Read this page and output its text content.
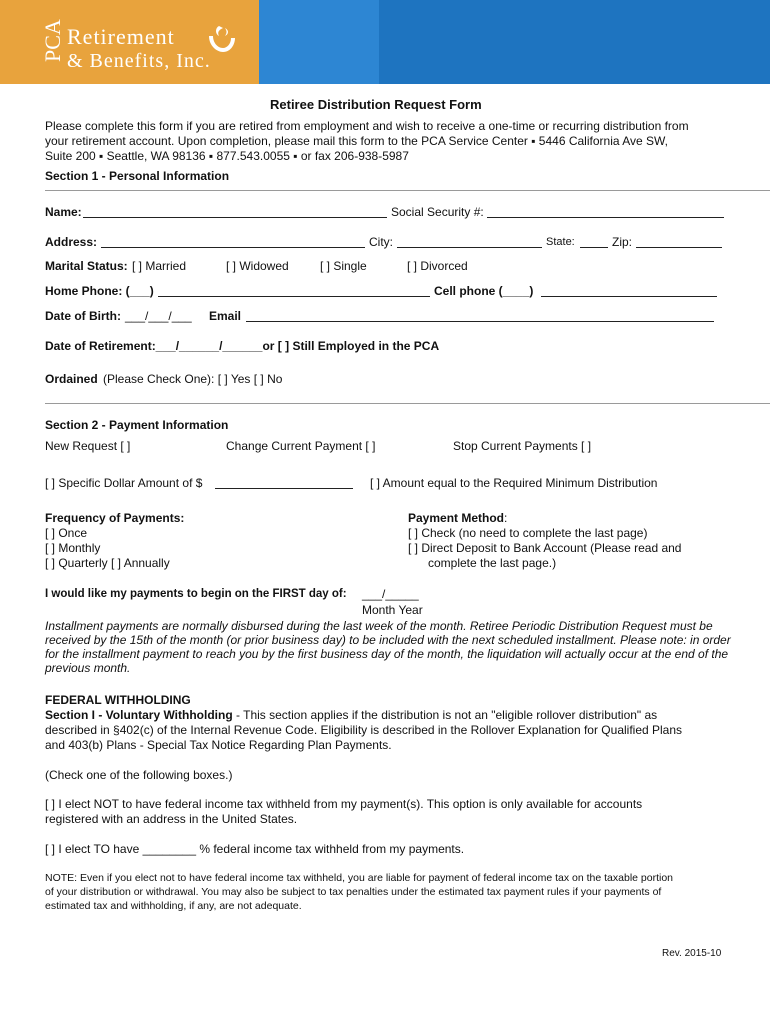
PCA Retirement
& Benefits, Inc.
Retiree Distribution Request Form
Please complete this form if you are retired from employment and wish to receive a one-time or recurring distribution from
your retirement account. Upon completion, please mail this form to the PCA Service Center ▪ 5446 California Ave SW,
Suite 200 ▪ Seattle, WA 98136 ▪ 877.543.0055 ▪ or fax 206-938-5987
Section 1 - Personal Information
Name:	Social Security #:
Address:	City:	State:	Zip:
Marital Status: [ ] Married	[ ] Widowed	[ ] Single	[ ] Divorced
Home Phone: (___)	Cell phone (____)
Date of Birth: ___/___/___ Email
Date of Retirement:___/______/______or [ ] Still Employed in the PCA
Ordained (Please Check One): [ ] Yes [ ] No
Section 2 - Payment Information
New Request [ ]	Change Current Payment [ ]	Stop Current Payments [ ]
[ ] Specific Dollar Amount of $	[ ] Amount equal to the Required Minimum Distribution
Frequency of Payments:
[ ] Once
[ ] Monthly
[ ] Quarterly [ ] Annually
Payment Method:
[ ] Check (no need to complete the last page)
[ ] Direct Deposit to Bank Account (Please read and
complete the last page.)
I would like my payments to begin on the FIRST day of: ___/_____
Month Year
Installment payments are normally disbursed during the last week of the month. Retiree Periodic Distribution Request must be
received by the 15th of the month (or prior business day) to be included with the next scheduled installment. Please note: in order
for the installment payment to reach you by the first business day of the month, the liquidation will actually occur at the end of the
previous month.
FEDERAL WITHHOLDING
Section I - Voluntary Withholding - This section applies if the distribution is not an "eligible rollover distribution" as
described in §402(c) of the Internal Revenue Code. Eligibility is described in the Rollover Explanation for Qualified Plans
and 403(b) Plans - Special Tax Notice Regarding Plan Payments.
(Check one of the following boxes.)
[ ] I elect NOT to have federal income tax withheld from my payment(s). This option is only available for accounts
registered with an address in the United States.
[ ] I elect TO have ________ % federal income tax withheld from my payments.
NOTE: Even if you elect not to have federal income tax withheld, you are liable for payment of federal income tax on the taxable portion
of your distribution or withdrawal. You may also be subject to tax penalties under the estimated tax payment rules if your payments of
estimated tax and withholding, if any, are not adequate.
Rev. 2015-10
